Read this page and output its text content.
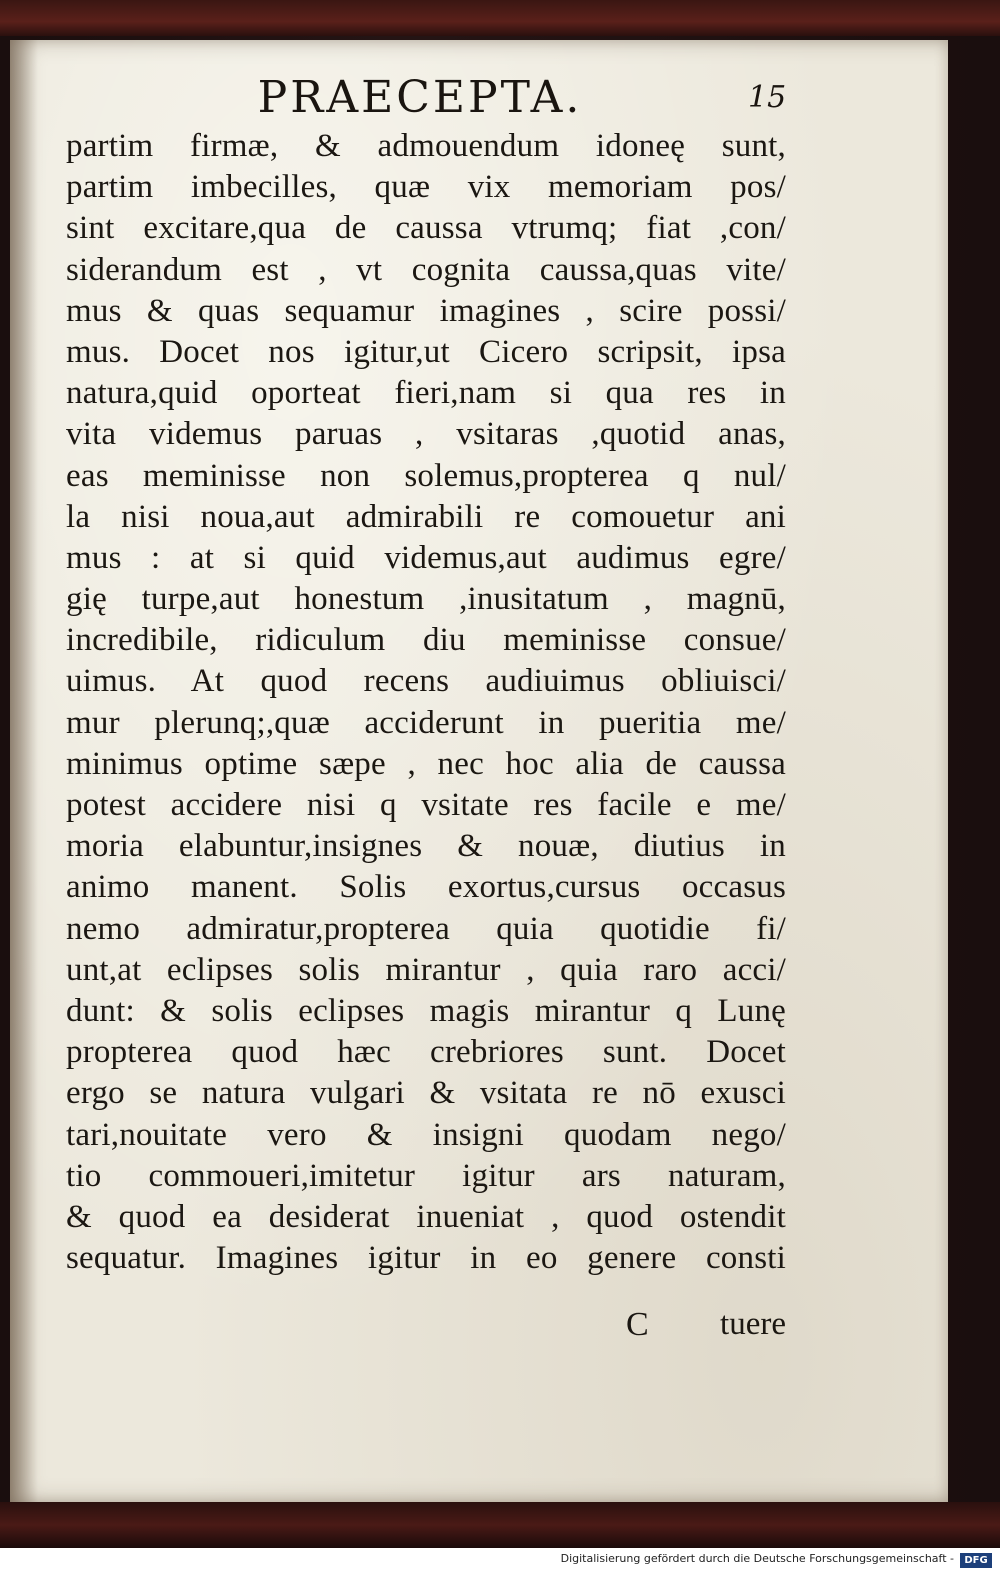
PRAECEPTA.	15
partim firmæ, & admouendum idoneę sunt,
partim imbecilles, quæ vix memoriam pos/
sint excitare,qua de caussa vtrumq; fiat ,con/
siderandum est , vt cognita caussa,quas vite/
mus & quas sequamur imagines , scire possi/
mus. Docet nos igitur,ut Cicero scripsit, ipsa
natura,quid oporteat fieri,nam si qua res in
vita videmus paruas , vsitaras ,quotid anas,
eas meminisse non solemus,proptereа q nul/
la nisi noua,aut admirabili re comouetur ani
mus : at si quid videmus,aut audimus egre/
gię turpe,aut honestum ,inusitatum , magnū,
incredibile, ridiculum diu meminisse consue/
uimus. At quod recens audiuimus obliuisci/
mur plerunq;,quæ acciderunt in pueritia me/
minimus optime sæpe , nec hoc alia de caussa
potest accidere nisi q vsitate res facile e me/
moria elabuntur,insignes & nouæ, diutius in
animo manent. Solis exortus,cursus occasus
nemo admiratur,propterea quia quotidie fi/
unt,at eclipses solis mirantur , quia raro acci/
dunt: & solis eclipses magis mirantur q Lunę
propterea quod hæc crebriores sunt. Docet
ergo se natura vulgari & vsitata re nō exusci
tari,nouitate vero & insigni quodam nego/
tio commoueri,imitetur igitur ars naturam,
& quod ea desiderat inueniat , quod ostendit
sequatur. Imagines igitur in eo genere consti
C tuere
Digitalisierung gefördert durch die Deutsche Forschungsgemeinschaft -	DFG
